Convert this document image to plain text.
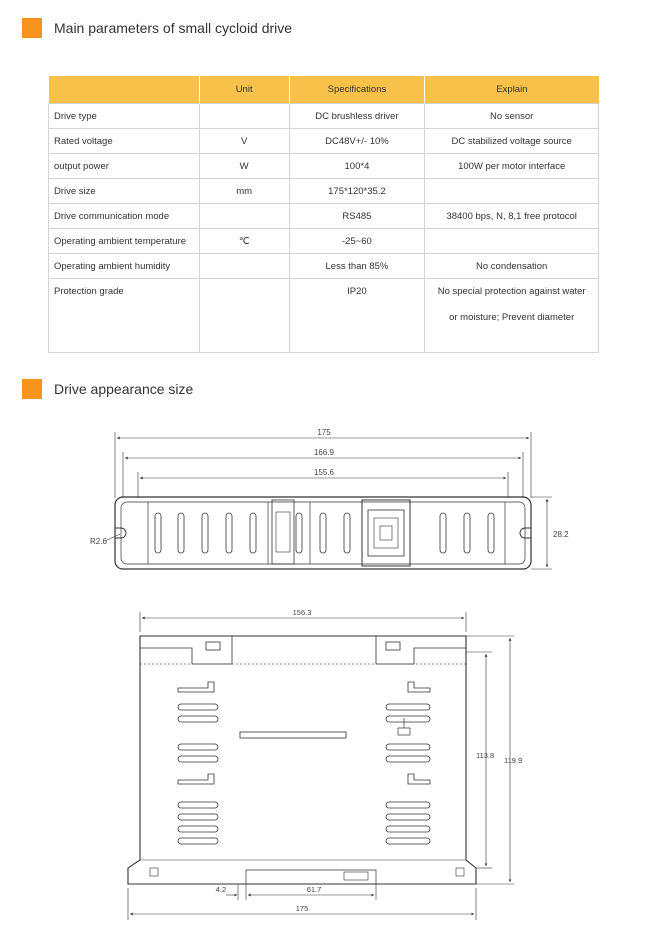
Main parameters of small cycloid drive
	Unit	Specifications	Explain
Drive type		DC brushless driver	No sensor
Rated voltage	V	DC48V+/- 10%	DC stabilized voltage source
output power	W	100*4	100W per motor interface
Drive size	mm	175*120*35.2	
Drive communication mode		RS485	38400 bps, N, 8,1 free protocol
Operating ambient temperature	℃	-25~60	
Operating ambient humidity		Less than 85%	No condensation
Protection grade		IP20	No special protection against water
or moisture; Prevent diameter
Drive appearance size
175
166.9
155.6
28.2
R2.6
156.3
113.8
119.9
4.2	61.7
175
